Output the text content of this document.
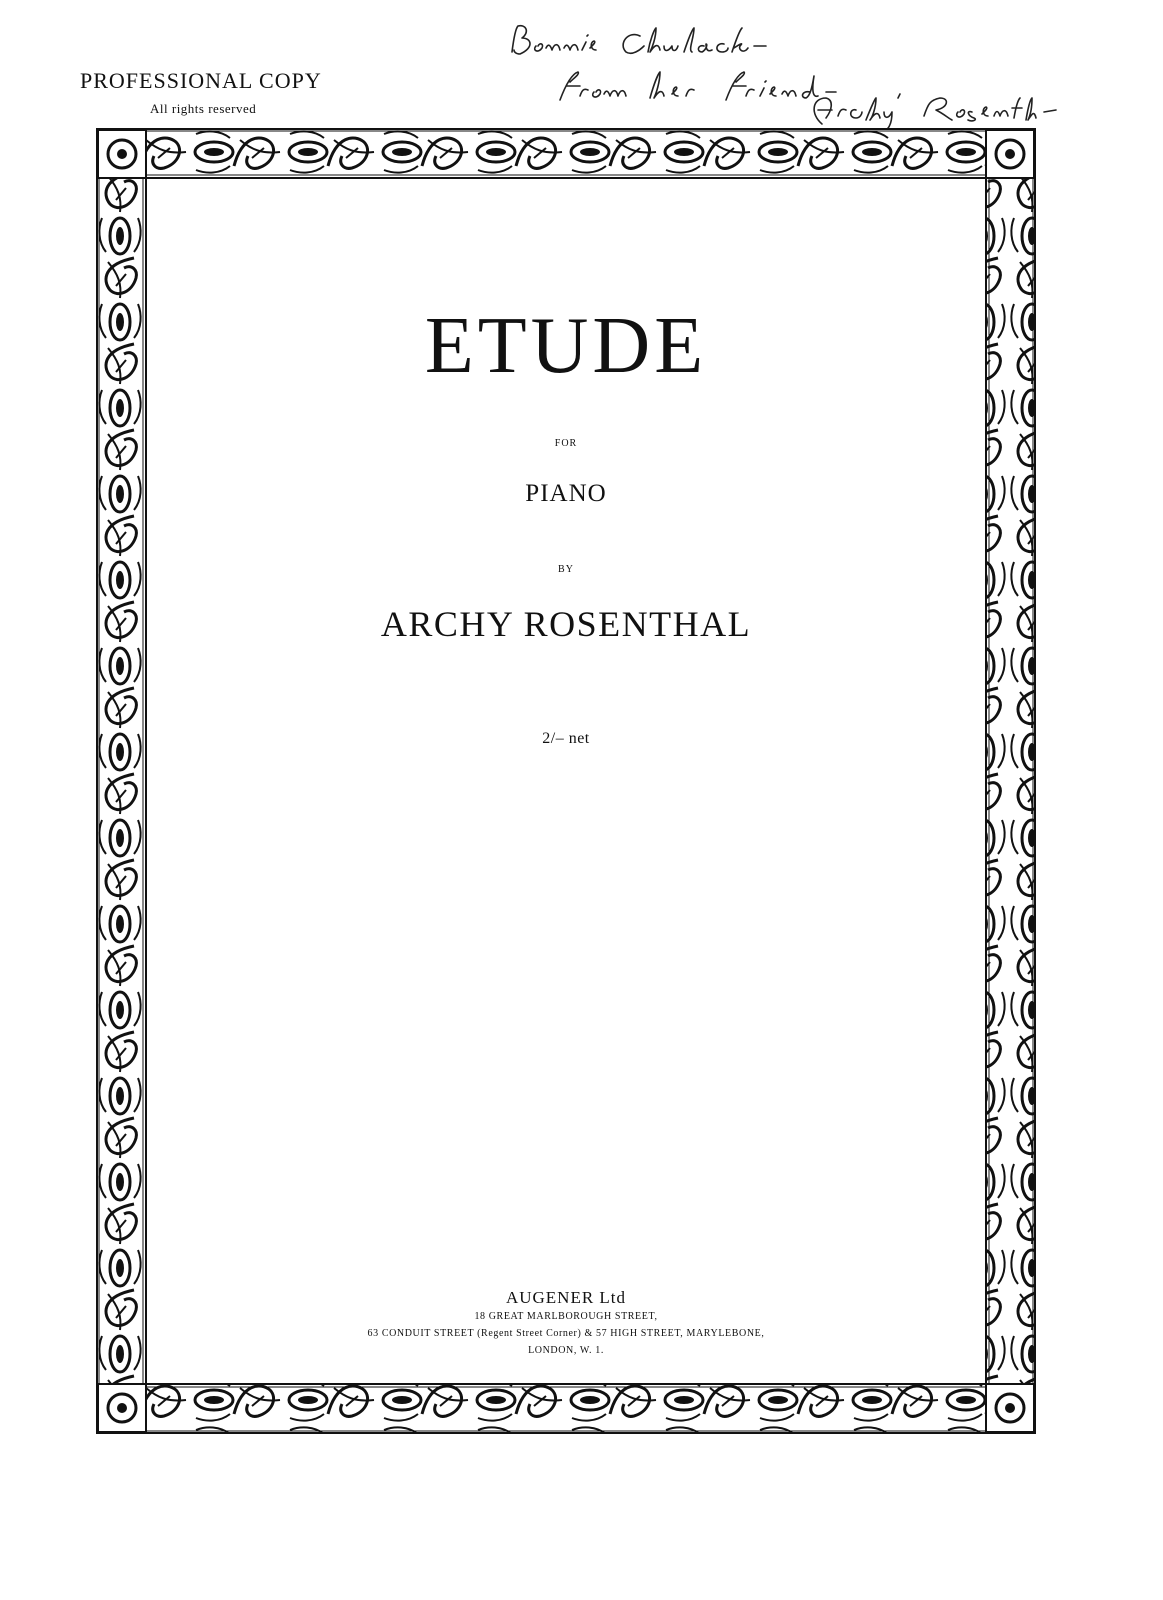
PROFESSIONAL COPY
All rights reserved
ETUDE
FOR
PIANO
BY
ARCHY ROSENTHAL
2/– net
AUGENER Ltd
18 GREAT MARLBOROUGH STREET,
63 CONDUIT STREET (Regent Street Corner) & 57 HIGH STREET, MARYLEBONE,
LONDON, W. 1.
